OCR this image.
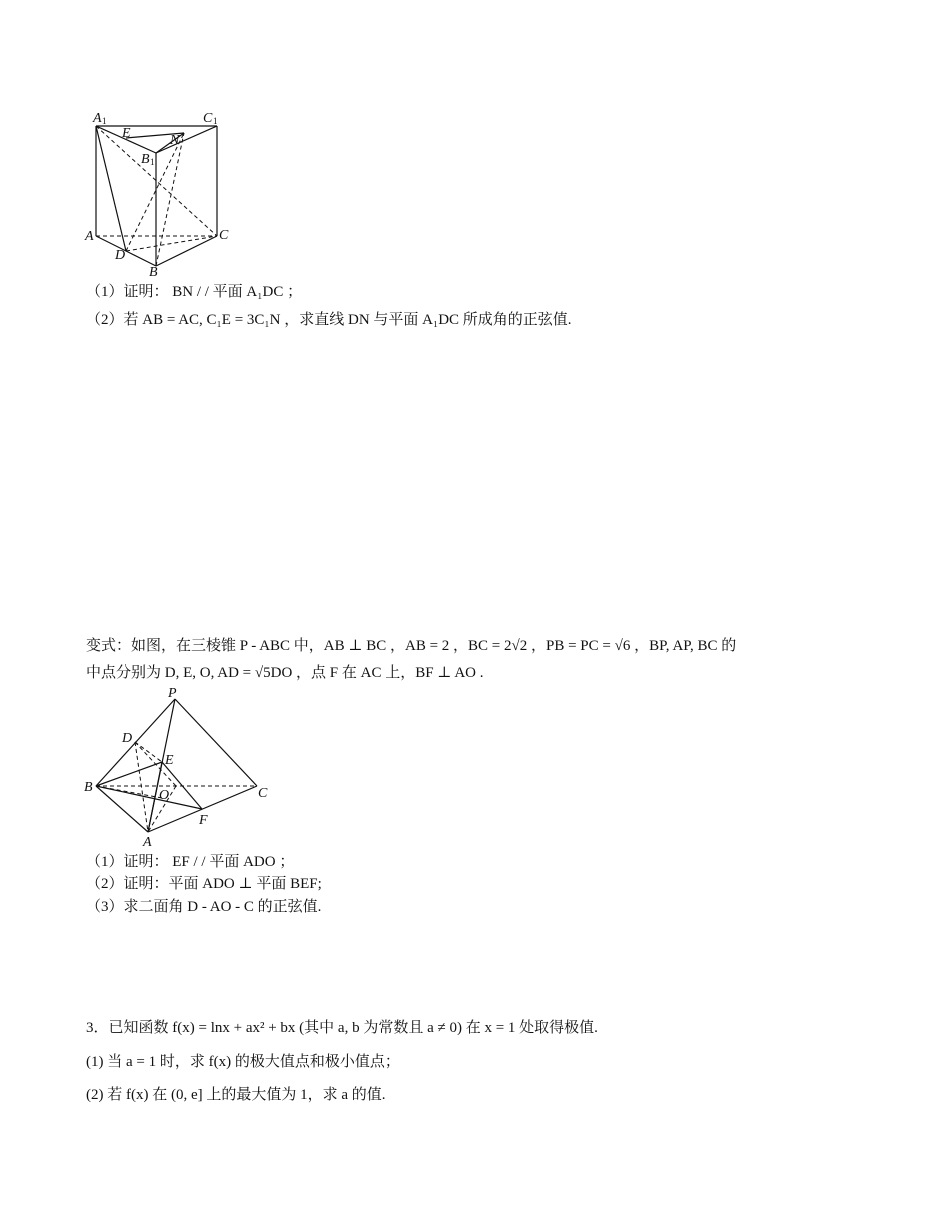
A 1	C 1
E	N
B 1
A	C
D
B
（1）证明： BN / / 平面 A₁DC ；
（2）若 AB = AC, C₁E = 3C₁N ，求直线 DN 与平面 A₁DC 所成角的正弦值.
变式：如图，在三棱锥 P - ABC 中，AB ⊥ BC ，AB = 2 ，BC = 2√2 ，PB = PC = √6 ，BP, AP, BC 的
中点分别为 D, E, O, AD = √5DO ，点 F 在 AC 上，BF ⊥ AO .
P
D
E
B
O	C
F
A
（1）证明： EF / / 平面 ADO ；
（2）证明：平面 ADO ⊥ 平面 BEF;
（3）求二面角 D - AO - C 的正弦值.
3．已知函数 f(x) = lnx + ax² + bx (其中 a, b 为常数且 a ≠ 0) 在 x = 1 处取得极值.
(1) 当 a = 1 时，求 f(x) 的极大值点和极小值点；
(2) 若 f(x) 在 (0, e] 上的最大值为 1，求 a 的值.
